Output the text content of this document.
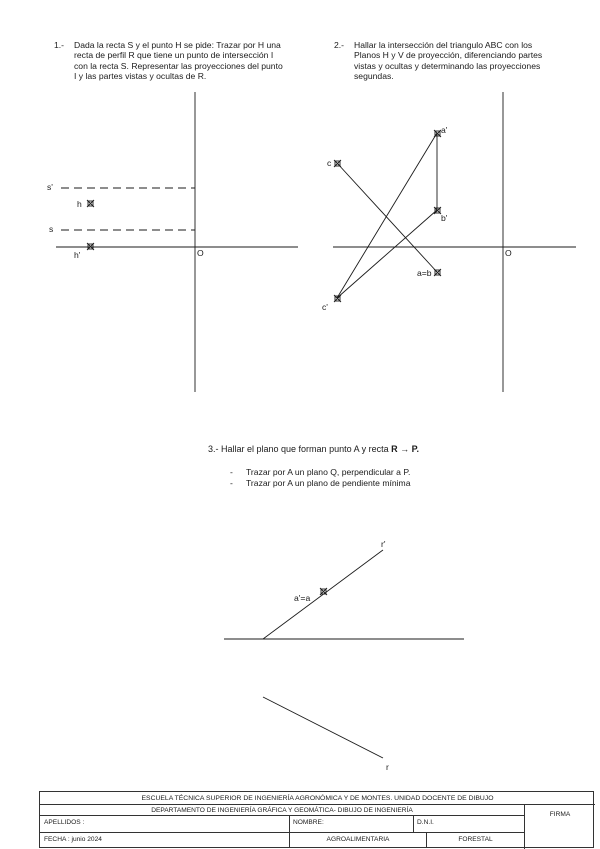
1.- Dada la recta S y el punto H se pide: Trazar por H una
recta de perfil R que tiene un punto de intersección I
con la recta S. Representar las proyecciones del punto
I y las partes vistas y ocultas de R.
2.- Hallar la intersección del triangulo ABC con los
Planos H y V de proyección, diferenciando partes
vistas y ocultas y determinando las proyecciones
segundas.
3.- Hallar el plano que forman punto A y recta R → P.
-	Trazar por A un plano Q, perpendicular a P.
-	Trazar por A un plano de pendiente mínima
s'
s
h
h'	O
a'
b'
c
a=b
c'
O
r'
a'=a
r
ESCUELA TÉCNICA SUPERIOR DE INGENIERÍA AGRONÓMICA Y DE MONTES. UNIDAD DOCENTE DE DIBUJO
DEPARTAMENTO DE INGENIERÍA GRÁFICA Y GEOMÁTICA- DIBUJO DE INGENIERÍA
FIRMA
APELLIDOS :	NOMBRE:	D.N.I.
FECHA : junio 2024	AGROALIMENTARIA	FORESTAL
